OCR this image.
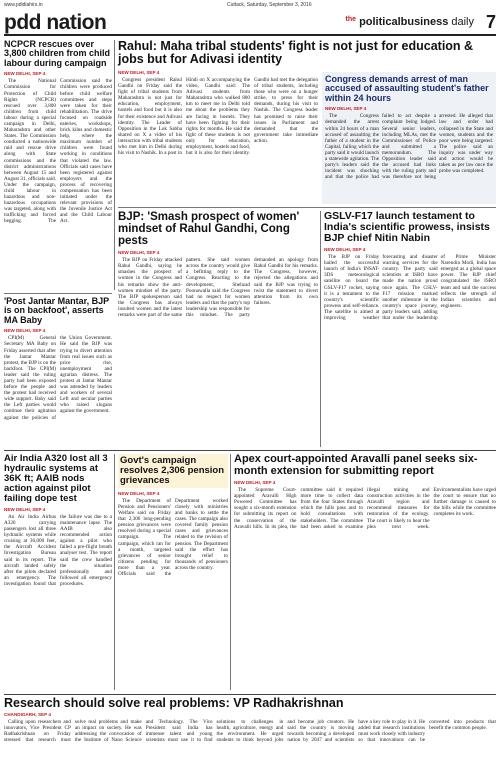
www.pdidiahirs.in	Cuttack, Saturday, September 3, 2016
pdd nation	$^{the}$ politicalbusiness daily 7
NCPCR rescues over 3,800 children from child labour during campaign
NEW DELHI, SEP 4

The National Commission for Protection of Child Rights (NCPCR) rescued over 3,800 children from child labour during a special campaign in Delhi, Maharashtra and other States. The Commission conducted a nationwide raid and rescue drive along with State commissions and the district administrations between August 15 and August 31, officials said. Under the campaign, child labour in hazardous and non-hazardous occupations was targeted, along with trafficking and forced begging. The Commission said the children were produced before child welfare committees and steps were taken for their rehabilitation. The drive focused on roadside eateries, workshops, brick kilns and domestic help, where the maximum number of children were found working in conditions that violated the law. Officials said cases have been registered against employers and the process of recovering compensation has been initiated under the relevant provisions of the Juvenile Justice Act and the Child Labour Act.

Rahul: Maha tribal students' fight is not just for education & jobs but for Adivasi identity
NEW DELHI, SEP 4

Congress president Rahul Gandhi on Friday said the fight of tribal students from Maharashtra is not just for education, employment, hostels and food but it is also for their existence and Adivasi identity. The Leader of Opposition in the Lok Sabha shared on X a video of his interaction with tribal students who met him in Delhi during his visit to Nashik. In a post in Hindi on X accompanying the video, Gandhi said: The Adivasi students from Maharashtra who walked 800 km to meet me in Delhi told me about the problems they are facing in hostels. They have been fighting for their rights for months. He said the fight of these students is not only for education, employment, hostels and food, but it is also for their identity. Gandhi had met the delegation of tribal students, including those who were on a hunger strike, to press for their demands, during his visit to Nashik. The Congress leader has promised to raise their issues in Parliament and demanded that the government take immediate action.

Congress demands arrest of man accused of assaulting student's father within 24 hours
NEW DELHI, SEP 4

The Congress demanded the arrest within 24 hours of a man accused of assaulting the father of a student in the Capital, failing which the party said it would launch a statewide agitation. The party's leaders said the incident was shocking and that the police had failed to act despite a complaint being lodged. Several senior leaders, including MLAs, met the Commissioner of Police and submitted a memorandum. The Opposition leader said the accused had links with the ruling party and was therefore not being arrested. He alleged that law and order had collapsed in the State and women, students and the poor were being targeted. The police said an inquiry was under way and action would be taken as per law once the probe was completed.

'Post Jantar Mantar, BJP is on backfoot', asserts MA Baby
NEW DELHI, SEP 4

CPI(M) General Secretary MA Baby on Friday asserted that after the Jantar Mantar protest, the BJP is on the backfoot. The CPI(M) leader said the ruling party had been exposed before the people and the protest had received wide support. Baby said the Left parties would continue their agitation against the policies of the Union Government. He said the BJP was trying to divert attention from real issues such as price rise, unemployment and agrarian distress. The protest at Jantar Mantar was attended by leaders and workers of several Left and secular parties who raised slogans against the government.

BJP: 'Smash prospect of women' mindset of Rahul Gandhi, Cong pests
NEW DELHI, SEP 4

The BJP on Friday attacked Rahul Gandhi, saying he smashes the prospect of women in the Congress and his remarks show the anti-women mindset of the party. The BJP spokesperson said the Congress has always insulted women and the latest remarks were part of the same pattern. She said women across the country would give a befitting reply to the Congress. Reacting to the development, Shehzad Poonawalla said the Congress had no respect for women leaders and that the party's top leadership was responsible for this mindset. The party demanded an apology from Rahul Gandhi for his remarks. The Congress, however, rejected the allegations and said the BJP was trying to twist the statement to divert attention from its own failures.

GSLV-F17 launch testament to India's scientific prowess, insists BJP chief Nitin Nabin
NEW DELHI, SEP 4

The BJP on Friday hailed the successful launch of India's INSAT-3DS meteorological satellite on board the GSLV-F17 rocket, saying it is a testament to the country's scientific prowess and self-reliance. The satellite is aimed at improving weather forecasting and disaster warning services for the country. The party said scientists at ISRO have made the nation proud once again. The GSLV-F17 mission marked another milestone in the country's space journey, party leaders said, adding that under the leadership of Prime Minister Narendra Modi, India has emerged as a global space power. The BJP chief congratulated the ISRO team and said the success reflects the strength of Indian scientists and engineers.

Air India A320 lost all 3 hydraulic systems at 36K ft; AAIB nods action against pilot failing dope test
NEW DELHI, SEP 4

An Air India Airbus A320 carrying passengers lost all three hydraulic systems while cruising at 36,000 feet, the Aircraft Accident Investigation Bureau said in its report. The aircraft landed safely after the pilots declared an emergency. The investigation found that the failure was due to a maintenance lapse. The AAIB also recommended action against a pilot who failed a pre-flight breath analyser test. The report said the crew handled the situation professionally and followed all emergency procedures.

Govt's campaign resolves 2,306 pension grievances
NEW DELHI, SEP 4

The Department of Pension and Pensioners' Welfare said on Friday that 2,306 long-pending pension grievances were resolved during a special campaign. The campaign, which ran for a month, targeted grievances of senior citizens pending for more than a year. Officials said the Department worked closely with ministries and banks to settle the cases. The campaign also covered family pension cases and grievances related to the revision of pension. The Department said the effort has brought relief to thousands of pensioners across the country.

Apex court-appointed Aravalli panel seeks six-month extension for submitting report
NEW DELHI, SEP 4

The Supreme Court-appointed Aravalli High Powered Committee has sought a six-month extension for submitting its report on the conservation of the Aravalli hills. In its plea, the committee said it required more time to collect data from the four States through which the hills pass and to hold consultations with stakeholders. The committee had been asked to examine illegal mining and construction activities in the Aravalli region and recommend measures for restoration of the ecology. The court is likely to hear the plea next week. Environmentalists have urged the court to ensure that no further damage is caused to the hills while the committee completes its work.

Research should solve real problems: VP Radhakrishnan
CHANDIGARH, SEP 4

Calling upon researchers and innovators, Vice President CP Radhakrishnan on Friday stressed that research must solve real problems and make an impact on society. He was addressing the convocation of the Institute of Nano Science and Technology. The Vice President said India has immense talent and young scientists must use it to find solutions to challenges in health, agriculture, energy and the environment. He urged students to think beyond jobs and become job creators. He said the country is moving towards becoming a developed nation by 2047 and scientists have a key role to play in it. He added that research institutions must work closely with industry so that innovations can be converted into products that benefit the common people.
